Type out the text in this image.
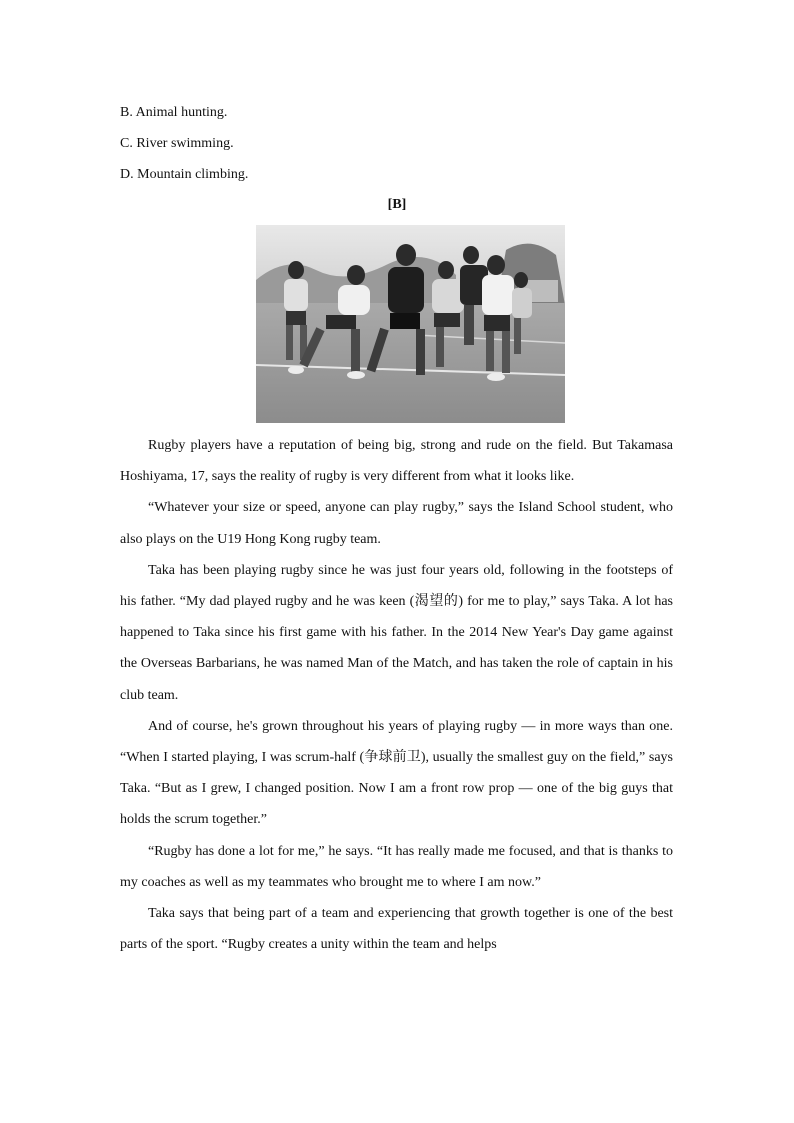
B. Animal hunting.
C. River swimming.
D. Mountain climbing.
[B]

Rugby players have a reputation of being big, strong and rude on the field. But Takamasa Hoshiyama, 17, says the reality of rugby is very different from what it looks like.

“Whatever your size or speed, anyone can play rugby,” says the Island School student, who also plays on the U19 Hong Kong rugby team.

Taka has been playing rugby since he was just four years old, following in the footsteps of his father. “My dad played rugby and he was keen (渴望的) for me to play,” says Taka. A lot has happened to Taka since his first game with his father. In the 2014 New Year's Day game against the Overseas Barbarians, he was named Man of the Match, and has taken the role of captain in his club team.

And of course, he's grown throughout his years of playing rugby — in more ways than one. “When I started playing, I was scrum-half (争球前卫), usually the smallest guy on the field,” says Taka. “But as I grew, I changed position. Now I am a front row prop — one of the big guys that holds the scrum together.”

“Rugby has done a lot for me,” he says. “It has really made me focused, and that is thanks to my coaches as well as my teammates who brought me to where I am now.”

Taka says that being part of a team and experiencing that growth together is one of the best parts of the sport. “Rugby creates a unity within the team and helps
